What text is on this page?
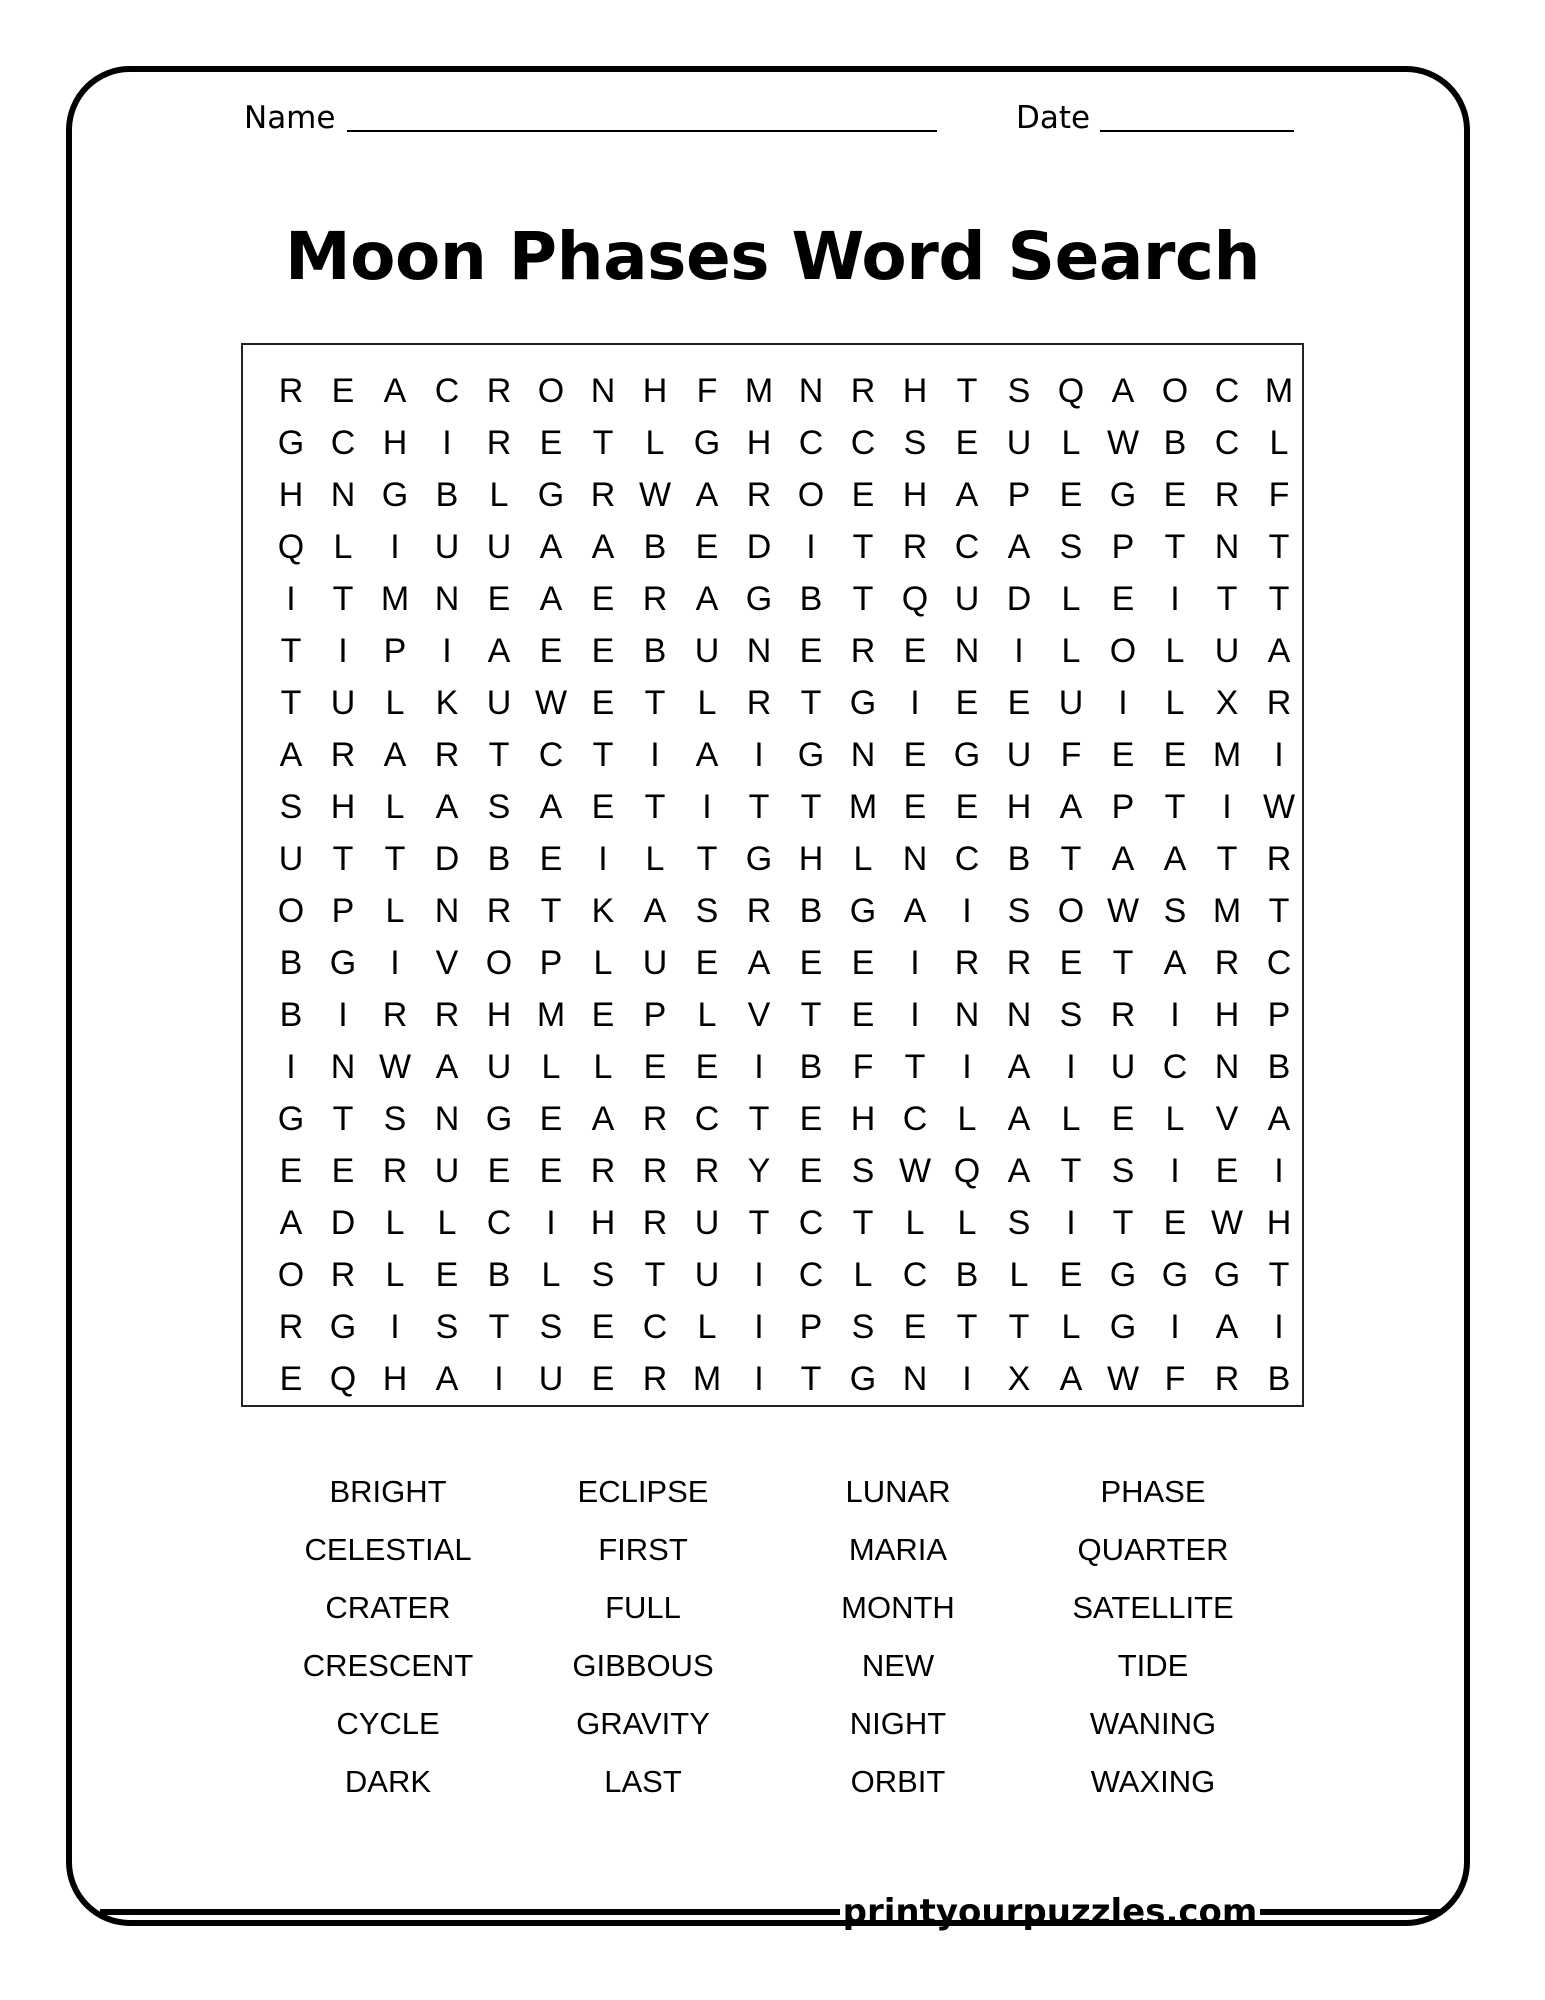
Name	Date
Moon Phases Word Search
R E A C R O N H F M N R H T S Q A O C M
G C H	I	R E T L G H C C S E U L W B C L
H N G B L G R W A R O E H A P E G E R F
Q L	I	U U A A B E D	I	T R C A S P T N T
I	T M N E A E R A G B T Q U D L E	I	T T
T	I	P	I	A E E B U N E R E N	I	L O L U A
T U L K U W E T L R T G	I	E E U	I	L X R
A R A R T C T	I	A	I	G N E G U F E E M I
S H L A S A E T	I	T T M E E H A P T	I W
U T T D B E	I	L T G H L N C B T A A T R
O P L N R T K A S R B G A	I	S O W S M T
B G	I	V O P L U E A E E	I	R R E T A R C
B	I	R R H M E P L V T E	I	N N S R	I	H P
I	N W A U L L E E	I	B F T	I	A	I	U C N B
G T S N G E A R C T E H C L A L E L V A
E E R U E E R R R Y E S W Q A T S	I	E	I
A D L L C	I	H R U T C T L L S	I	T E W H
O R L E B L S T U	I	C L C B L E G G G T
R G	I	S T S E C L	I	P S E T T L G	I	A	I
E Q H A	I	U E R M I	T G N	I	X A W F R B
BRIGHT
CELESTIAL
CRATER
CRESCENT
CYCLE
DARK
ECLIPSE
FIRST
FULL
GIBBOUS
GRAVITY
LAST
LUNAR
MARIA
MONTH
NEW
NIGHT
ORBIT
PHASE
QUARTER
SATELLITE
TIDE
WANING
WAXING
printyourpuzzles.com
